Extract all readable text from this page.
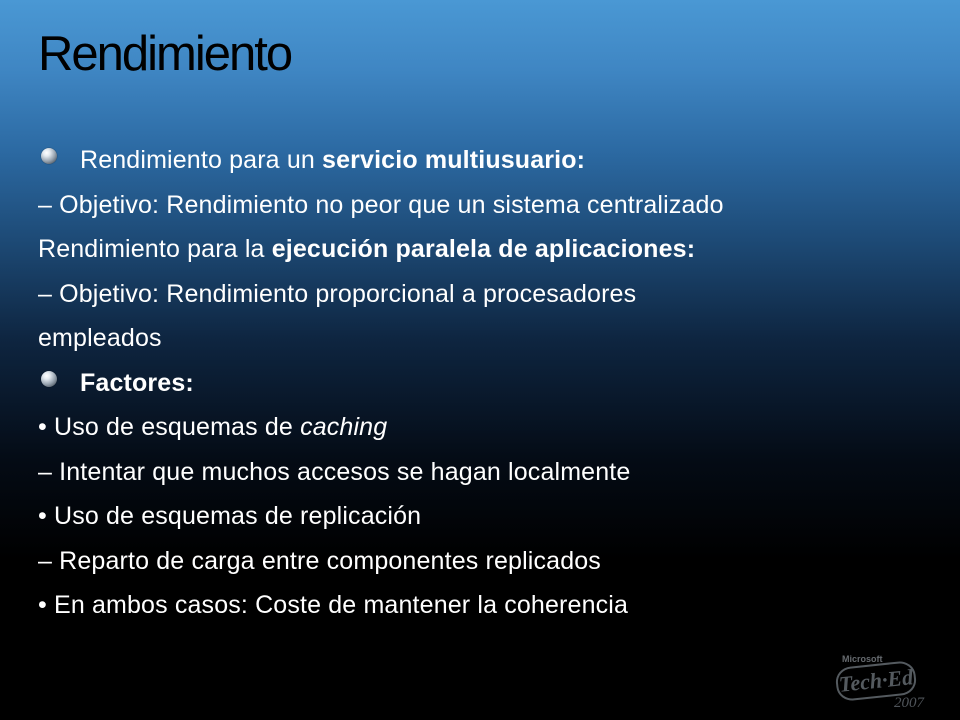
Rendimiento
Rendimiento para un servicio multiusuario:
– Objetivo: Rendimiento no peor que un sistema centralizado
Rendimiento para la ejecución paralela de aplicaciones:
– Objetivo: Rendimiento proporcional a procesadores
empleados
Factores:
• Uso de esquemas de caching
– Intentar que muchos accesos se hagan localmente
• Uso de esquemas de replicación
– Reparto de carga entre componentes replicados
• En ambos casos: Coste de mantener la coherencia
Microsoft
Tech·Ed
2007
